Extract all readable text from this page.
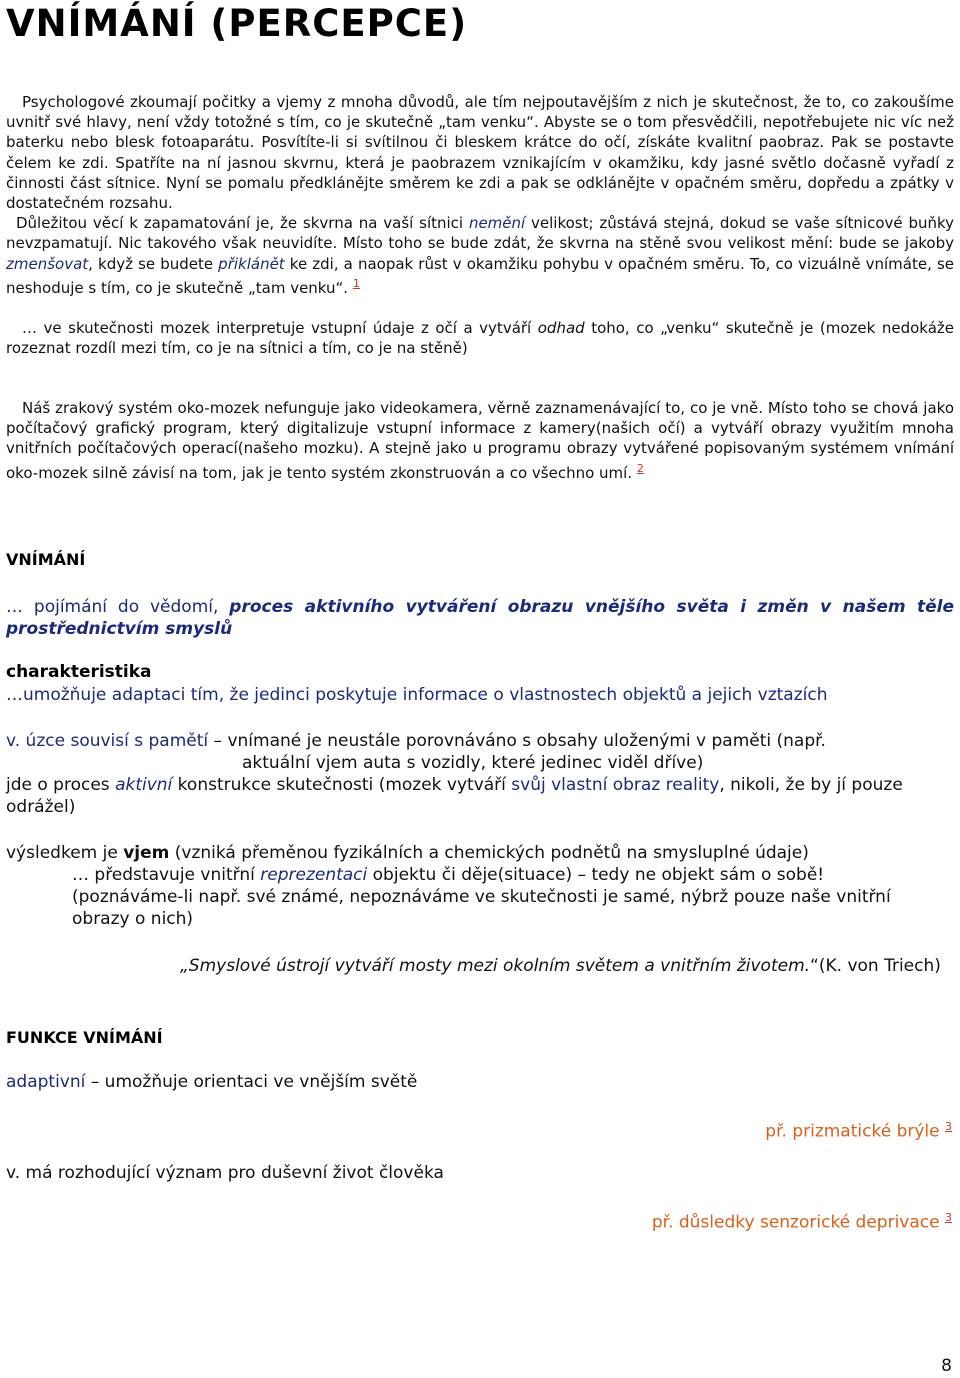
VNÍMÁNÍ (PERCEPCE)

Psychologové zkoumají počitky a vjemy z mnoha důvodů, ale tím nejpoutavějším z nich je skutečnost, že to, co zakoušíme uvnitř své hlavy, není vždy totožné s tím, co je skutečně „tam venku“. Abyste se o tom přesvědčili, nepotřebujete nic víc než baterku nebo blesk fotoaparátu. Posvítíte-li si svítilnou či bleskem krátce do očí, získáte kvalitní paobraz. Pak se postavte čelem ke zdi. Spatříte na ní jasnou skvrnu, která je paobrazem vznikajícím v okamžiku, kdy jasné světlo dočasně vyřadí z činnosti část sítnice. Nyní se pomalu předklánějte směrem ke zdi a pak se odklánějte v opačném směru, dopředu a zpátky v dostatečném rozsahu.
Důležitou věcí k zapamatování je, že skvrna na vaší sítnici nemění velikost; zůstává stejná, dokud se vaše sítnicové buňky nevzpamatují. Nic takového však neuvidíte. Místo toho se bude zdát, že skvrna na stěně svou velikost mění: bude se jakoby zmenšovat, když se budete přiklánět ke zdi, a naopak růst v okamžiku pohybu v opačném směru. To, co vizuálně vnímáte, se neshoduje s tím, co je skutečně „tam venku“. $^1$

… ve skutečnosti mozek interpretuje vstupní údaje z očí a vytváří odhad toho, co „venku“ skutečně je (mozek nedokáže rozeznat rozdíl mezi tím, co je na sítnici a tím, co je na stěně)

Náš zrakový systém oko-mozek nefunguje jako videokamera, věrně zaznamenávající to, co je vně. Místo toho se chová jako počítačový grafický program, který digitalizuje vstupní informace z kamery(našich očí) a vytváří obrazy využitím mnoha vnitřních počítačových operací(našeho mozku). A stejně jako u programu obrazy vytvářené popisovaným systémem vnímání oko-mozek silně závisí na tom, jak je tento systém zkonstruován a co všechno umí. $^2$

VNÍMÁNÍ

… pojímání do vědomí, proces aktivního vytváření obrazu vnějšího světa i změn v našem těle prostřednictvím smyslů

charakteristika

…umožňuje adaptaci tím, že jedinci poskytuje informace o vlastnostech objektů a jejich vztazích

v. úzce souvisí s pamětí – vnímané je neustále porovnáváno s obsahy uloženými v paměti (např.
aktuální vjem auta s vozidly, které jedinec viděl dříve)

jde o proces aktivní konstrukce skutečnosti (mozek vytváří svůj vlastní obraz reality, nikoli, že by jí pouze odrážel)

výsledkem je vjem (vzniká přeměnou fyzikálních a chemických podnětů na smysluplné údaje)

… představuje vnitřní reprezentaci objektu či děje(situace) – tedy ne objekt sám o sobě!
(poznáváme-li např. své známé, nepoznáváme ve skutečnosti je samé, nýbrž pouze naše vnitřní obrazy o nich)

„Smyslové ústrojí vytváří mosty mezi okolním světem a vnitřním životem.“(K. von Triech)

FUNKCE VNÍMÁNÍ

adaptivní – umožňuje orientaci ve vnějším světě

př. prizmatické brýle $^3$

v. má rozhodující význam pro duševní život člověka

př. důsledky senzorické deprivace $^3$

8
